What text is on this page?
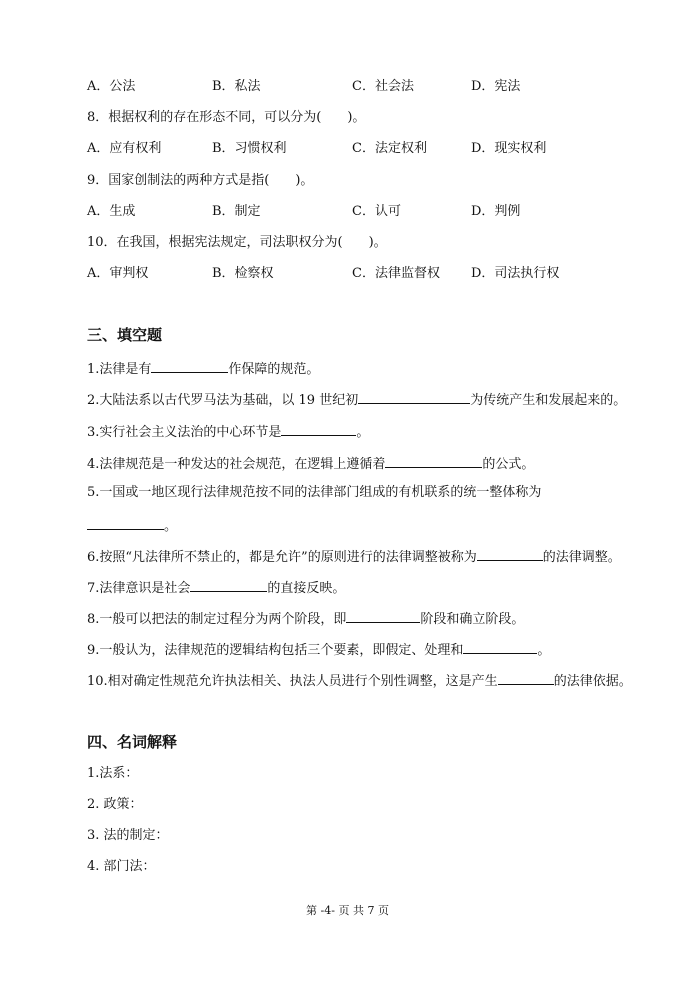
A．公法	B．私法	C．社会法	D．宪法
8．根据权利的存在形态不同，可以分为(　　)。
A．应有权利	B．习惯权利	C．法定权利	D．现实权利
9．国家创制法的两种方式是指(　　)。
A．生成	B．制定	C．认可	D．判例
10．在我国，根据宪法规定，司法职权分为(　　)。
A．审判权	B．检察权	C．法律监督权 D．司法执行权
三、填空题
1.法律是有	作保障的规范。
2.大陆法系以古代罗马法为基础，以 19 世纪初	为传统产生和发展起来的。
3.实行社会主义法治的中心环节是	。
4.法律规范是一种发达的社会规范，在逻辑上遵循着	的公式。
5.一国或一地区现行法律规范按不同的法律部门组成的有机联系的统一整体称为
。
6.按照“凡法律所不禁止的，都是允许”的原则进行的法律调整被称为	的法律调整。
7.法律意识是社会	的直接反映。
8.一般可以把法的制定过程分为两个阶段，即	阶段和确立阶段。
9.一般认为，法律规范的逻辑结构包括三个要素，即假定、处理和	。
10.相对确定性规范允许执法相关、执法人员进行个别性调整，这是产生	的法律依据。
四、名词解释
1.法系：
2. 政策：
3. 法的制定：
4. 部门法：
第 -4- 页 共 7 页
